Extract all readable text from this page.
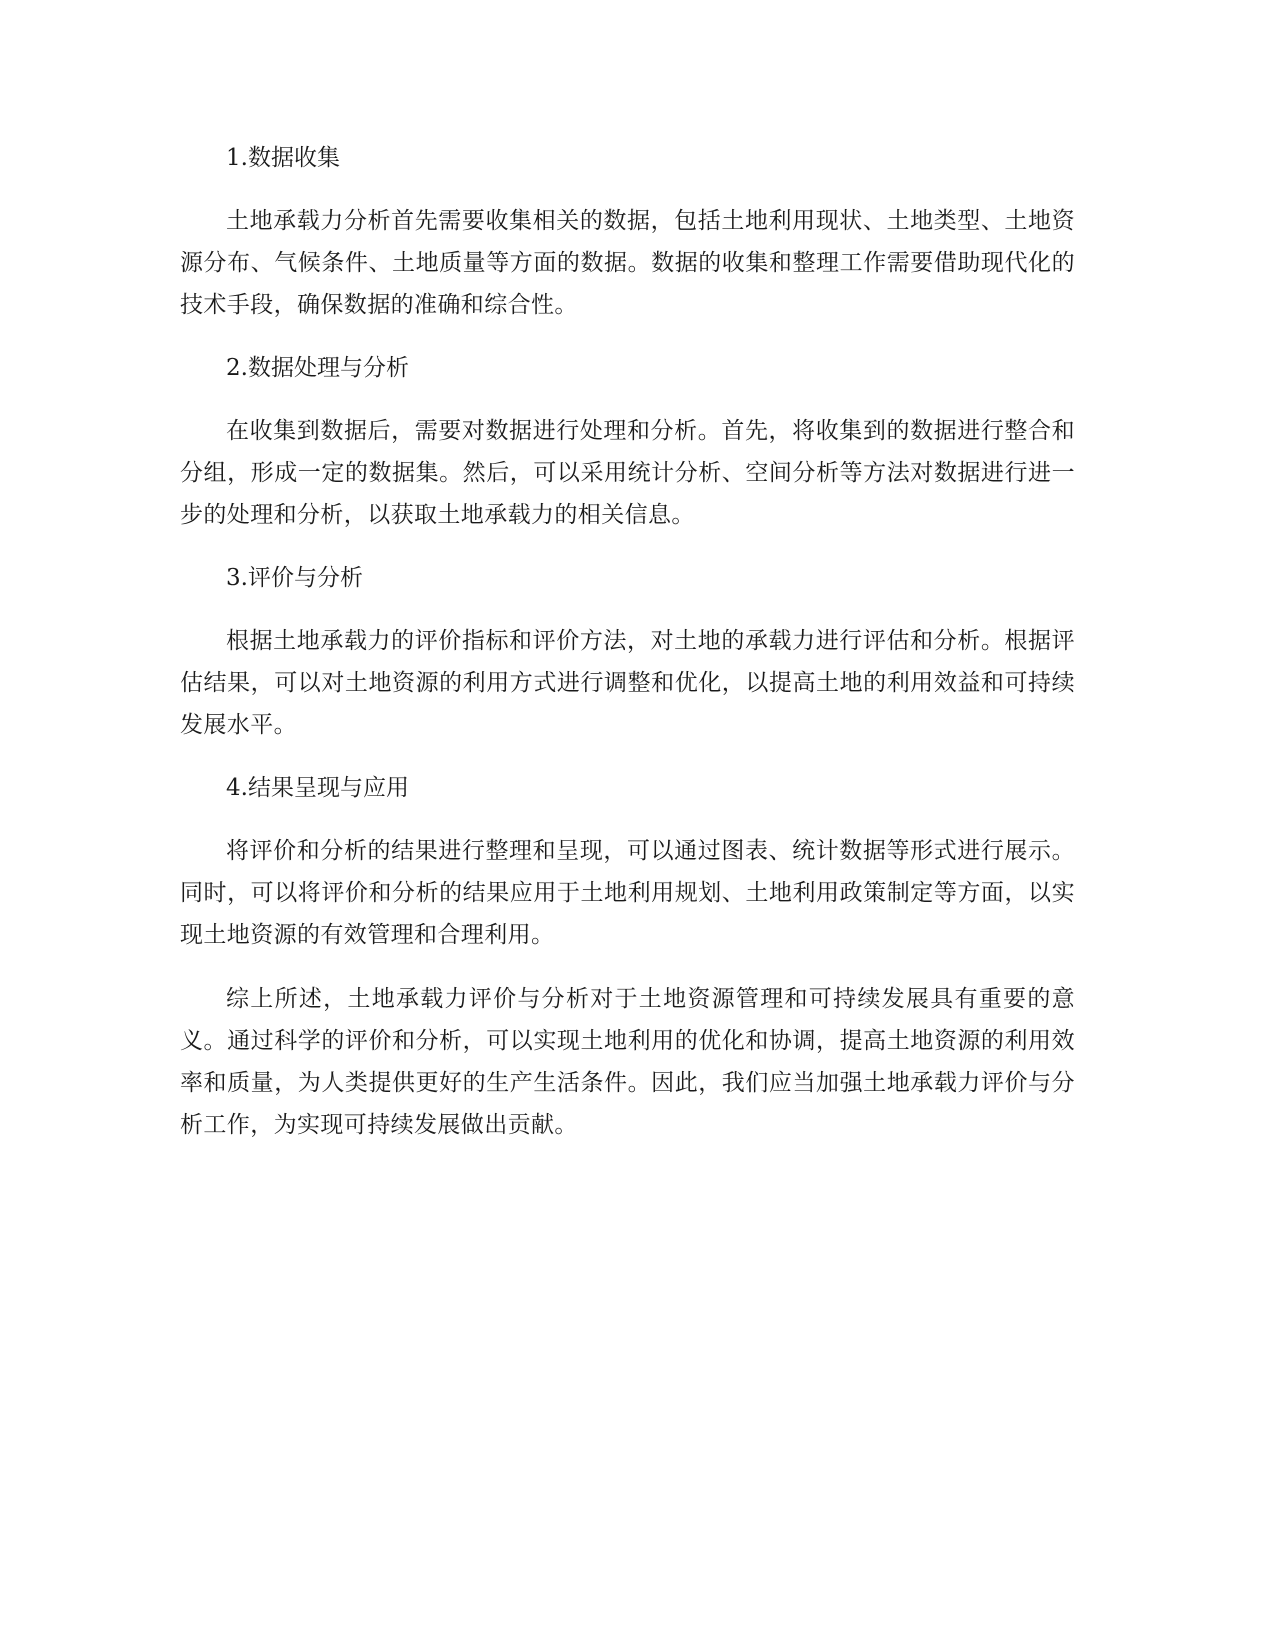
1.数据收集

土地承载力分析首先需要收集相关的数据，包括土地利用现状、土地类型、土地资源分布、气候条件、土地质量等方面的数据。数据的收集和整理工作需要借助现代化的技术手段，确保数据的准确和综合性。

2.数据处理与分析

在收集到数据后，需要对数据进行处理和分析。首先，将收集到的数据进行整合和分组，形成一定的数据集。然后，可以采用统计分析、空间分析等方法对数据进行进一步的处理和分析，以获取土地承载力的相关信息。

3.评价与分析

根据土地承载力的评价指标和评价方法，对土地的承载力进行评估和分析。根据评估结果，可以对土地资源的利用方式进行调整和优化，以提高土地的利用效益和可持续发展水平。

4.结果呈现与应用

将评价和分析的结果进行整理和呈现，可以通过图表、统计数据等形式进行展示。同时，可以将评价和分析的结果应用于土地利用规划、土地利用政策制定等方面，以实现土地资源的有效管理和合理利用。

综上所述，土地承载力评价与分析对于土地资源管理和可持续发展具有重要的意义。通过科学的评价和分析，可以实现土地利用的优化和协调，提高土地资源的利用效率和质量，为人类提供更好的生产生活条件。因此，我们应当加强土地承载力评价与分析工作，为实现可持续发展做出贡献。
